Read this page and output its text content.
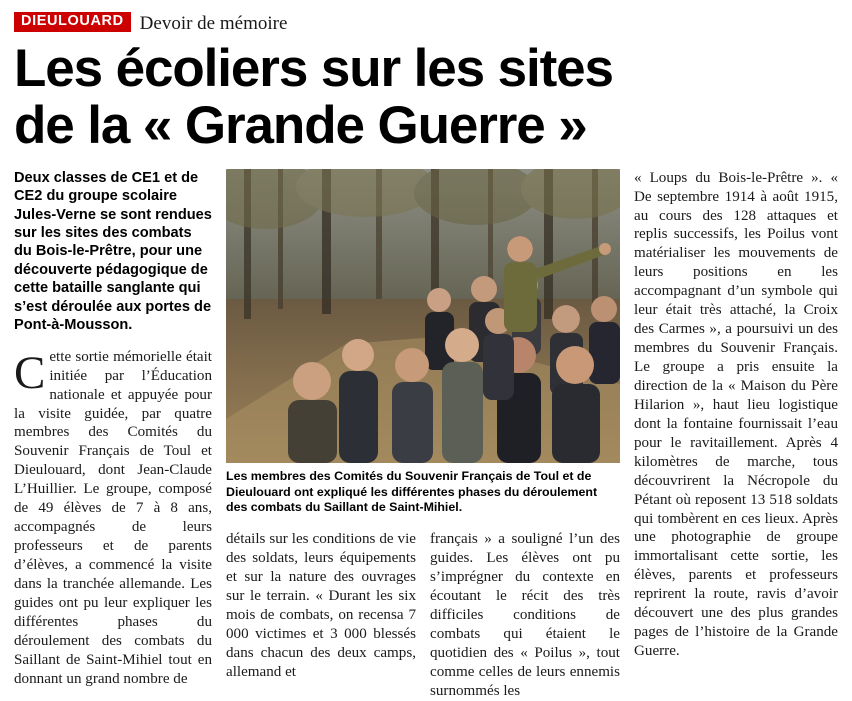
DIEULOUARD Devoir de mémoire
Les écoliers sur les sites
de la « Grande Guerre »

Deux classes de CE1 et de CE2 du groupe scolaire Jules-Verne se sont rendues sur les sites des combats du Bois-le-Prêtre, pour une découverte pédagogique de cette bataille sanglante qui s’est déroulée aux portes de Pont-à-Mousson.

Cette sortie mémorielle était initiée par l’Éducation nationale et appuyée pour la visite guidée, par quatre membres des Comités du Souvenir Français de Toul et Dieulouard, dont Jean-Claude L’Huillier. Le groupe, composé de 49 élèves de 7 à 8 ans, accompagnés de leurs professeurs et de parents d’élèves, a commencé la visite dans la tranchée allemande. Les guides ont pu leur expliquer les différentes phases du déroulement des combats du Saillant de Saint-Mihiel tout en donnant un grand nombre de

Les membres des Comités du Souvenir Français de Toul et de Dieulouard ont expliqué les différentes phases du déroulement des combats du Saillant de Saint-Mihiel.

détails sur les conditions de vie des soldats, leurs équipements et sur la nature des ouvrages sur le terrain. « Durant les six mois de combats, on recensa 7 000 victimes et 3 000 blessés dans chacun des deux camps, allemand et

français » a souligné l’un des guides. Les élèves ont pu s’imprégner du contexte en écoutant le récit des très difficiles conditions de combats qui étaient le quotidien des « Poilus », tout comme celles de leurs ennemis surnommés les

« Loups du Bois-le-Prêtre ». « De septembre 1914 à août 1915, au cours des 128 attaques et replis successifs, les Poilus vont matérialiser les mouvements de leurs positions en les accompagnant d’un symbole qui leur était très attaché, la Croix des Carmes », a poursuivi un des membres du Souvenir Français. Le groupe a pris ensuite la direction de la « Maison du Père Hilarion », haut lieu logistique dont la fontaine fournissait l’eau pour le ravitaillement. Après 4 kilomètres de marche, tous découvrirent la Nécropole du Pétant où reposent 13 518 soldats qui tombèrent en ces lieux. Après une photographie de groupe immortalisant cette sortie, les élèves, parents et professeurs reprirent la route, ravis d’avoir découvert une des plus grandes pages de l’histoire de la Grande Guerre.
